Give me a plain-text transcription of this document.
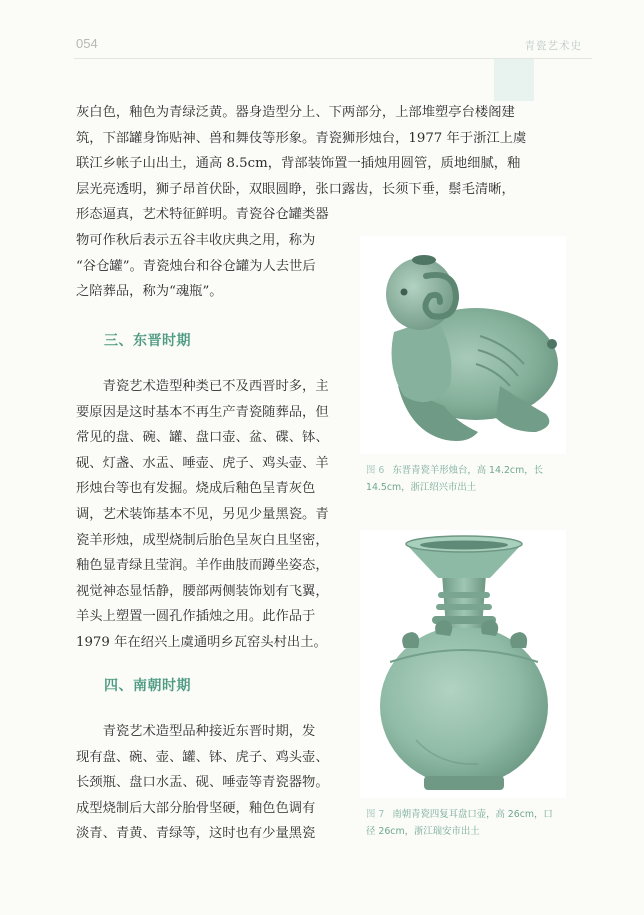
054	青瓷艺术史

灰白色，釉色为青绿泛黄。器身造型分上、下两部分，上部堆塑亭台楼阁建

筑，下部罐身饰贴神、兽和舞伎等形象。青瓷狮形烛台，1977 年于浙江上虞

联江乡帐子山出土，通高 8.5cm，背部装饰置一插烛用圆管，质地细腻，釉

层光亮透明，狮子昂首伏卧，双眼圆睁，张口露齿，长须下垂，鬃毛清晰，

形态逼真，艺术特征鲜明。青瓷谷仓罐类器

物可作秋后表示五谷丰收庆典之用，称为

“谷仓罐”。青瓷烛台和谷仓罐为人去世后

之陪葬品，称为“魂瓶”。

　　青瓷艺术造型种类已不及西晋时多，主

要原因是这时基本不再生产青瓷随葬品，但

常见的盘、碗、罐、盘口壶、盆、碟、钵、

砚、灯盏、水盂、唾壶、虎子、鸡头壶、羊

形烛台等也有发掘。烧成后釉色呈青灰色

调，艺术装饰基本不见，另见少量黑瓷。青

瓷羊形烛，成型烧制后胎色呈灰白且坚密，

釉色显青绿且莹润。羊作曲肢而蹲坐姿态，

视觉神态显恬静，腰部两侧装饰划有飞翼，

羊头上塑置一圆孔作插烛之用。此作品于

1979 年在绍兴上虞通明乡瓦窑头村出土。

　　青瓷艺术造型品种接近东晋时期，发

现有盘、碗、壶、罐、钵、虎子、鸡头壶、

长颈瓶、盘口水盂、砚、唾壶等青瓷器物。

成型烧制后大部分胎骨坚硬，釉色色调有

淡青、青黄、青绿等，这时也有少量黑瓷

三、东晋时期
四、南朝时期

图 6 东晋青瓷羊形烛台，高 14.2cm，长

14.5cm，浙江绍兴市出土

图 7 南朝青瓷四复耳盘口壶，高 26cm，口

径 26cm，浙江瑞安市出土
